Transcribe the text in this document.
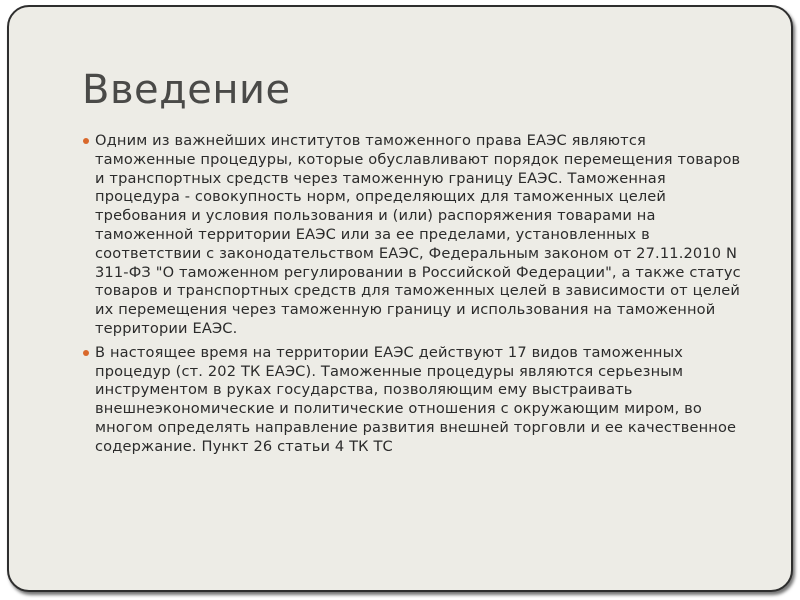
Введение
Одним из важнейших институтов таможенного права ЕАЭС являются таможенные процедуры, которые обуславливают порядок перемещения товаров и транспортных средств через таможенную границу ЕАЭС. Таможенная процедура - совокупность норм, определяющих для таможенных целей требования и условия пользования и (или) распоряжения товарами на таможенной территории ЕАЭС или за ее пределами, установленных в соответствии с законодательством ЕАЭС, Федеральным законом от 27.11.2010 N 311-ФЗ "О таможенном регулировании в Российской Федерации", а также статус товаров и транспортных средств для таможенных целей в зависимости от целей их перемещения через таможенную границу и использования на таможенной территории ЕАЭС.
В настоящее время на территории ЕАЭС действуют 17 видов таможенных процедур (ст. 202 ТК ЕАЭС). Таможенные процедуры являются серьезным инструментом в руках государства, позволяющим ему выстраивать внешнеэкономические и политические отношения с окружающим миром, во многом определять направление развития внешней торговли и ее качественное содержание. Пункт 26 статьи 4 ТК ТС
